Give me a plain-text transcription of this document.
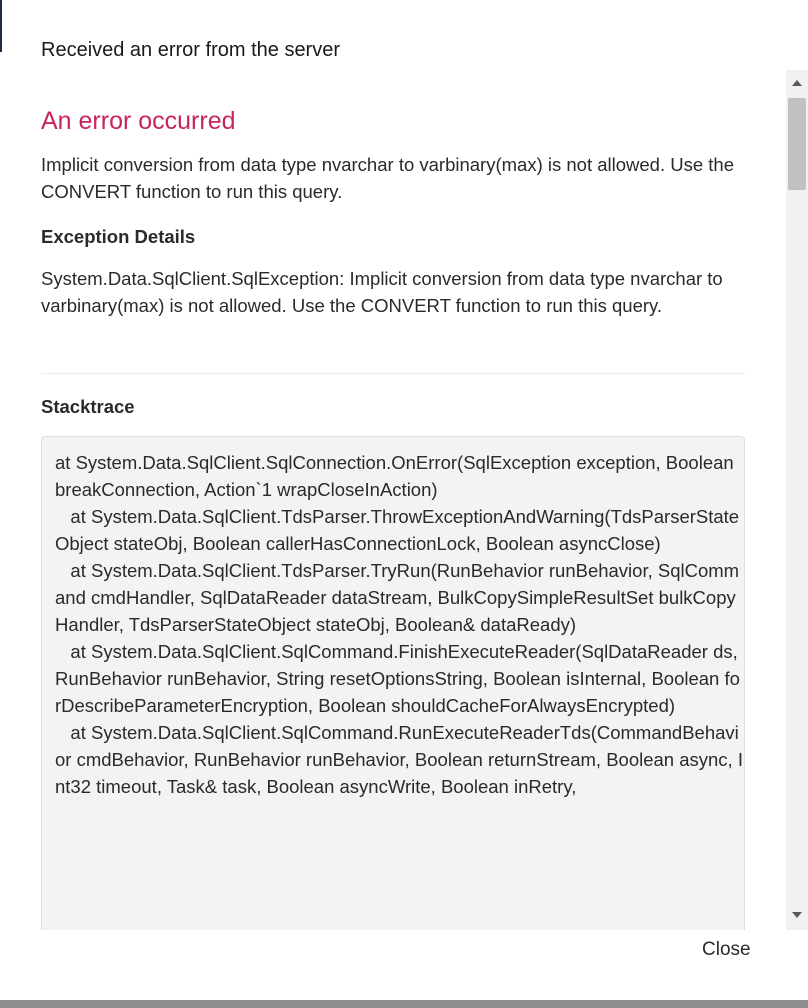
Received an error from the server
An error occurred

Implicit conversion from data type nvarchar to varbinary(max) is not allowed. Use the CONVERT function to run this query.

Exception Details

System.Data.SqlClient.SqlException: Implicit conversion from data type nvarchar to varbinary(max) is not allowed. Use the CONVERT function to run this query.

Stacktrace
at System.Data.SqlClient.SqlConnection.OnError(SqlException exception, Boolean breakConnection, Action`1 wrapCloseInAction)
at System.Data.SqlClient.TdsParser.ThrowExceptionAndWarning(TdsParserStateObject stateObj, Boolean callerHasConnectionLock, Boolean asyncClose)
at System.Data.SqlClient.TdsParser.TryRun(RunBehavior runBehavior, SqlCommand cmdHandler, SqlDataReader dataStream, BulkCopySimpleResultSet bulkCopyHandler, TdsParserStateObject stateObj, Boolean& dataReady)
at System.Data.SqlClient.SqlCommand.FinishExecuteReader(SqlDataReader ds, RunBehavior runBehavior, String resetOptionsString, Boolean isInternal, Boolean forDescribeParameterEncryption, Boolean shouldCacheForAlwaysEncrypted)
at System.Data.SqlClient.SqlCommand.RunExecuteReaderTds(CommandBehavior cmdBehavior, RunBehavior runBehavior, Boolean returnStream, Boolean async, Int32 timeout, Task& task, Boolean asyncWrite, Boolean inRetry,
Close
